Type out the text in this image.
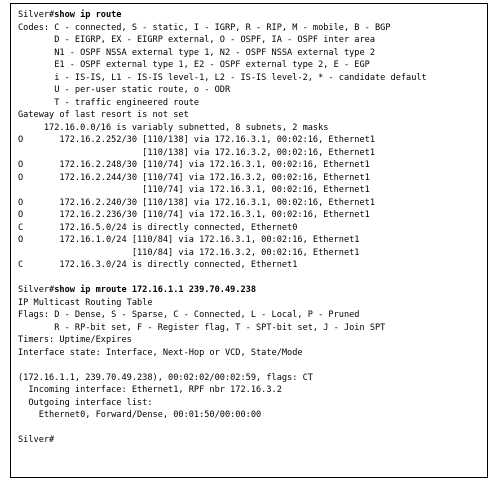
Silver#show ip route
Codes: C - connected, S - static, I - IGRP, R - RIP, M - mobile, B - BGP
D - EIGRP, EX - EIGRP external, O - OSPF, IA - OSPF inter area
N1 - OSPF NSSA external type 1, N2 - OSPF NSSA external type 2
E1 - OSPF external type 1, E2 - OSPF external type 2, E - EGP
i - IS-IS, L1 - IS-IS level-1, L2 - IS-IS level-2, * - candidate default
U - per-user static route, o - ODR
T - traffic engineered route
Gateway of last resort is not set
172.16.0.0/16 is variably subnetted, 8 subnets, 2 masks
O       172.16.2.252/30 [110/138] via 172.16.3.1, 00:02:16, Ethernet1
[110/138] via 172.16.3.2, 00:02:16, Ethernet1
O       172.16.2.248/30 [110/74] via 172.16.3.1, 00:02:16, Ethernet1
O       172.16.2.244/30 [110/74] via 172.16.3.2, 00:02:16, Ethernet1
[110/74] via 172.16.3.1, 00:02:16, Ethernet1
O       172.16.2.240/30 [110/138] via 172.16.3.1, 00:02:16, Ethernet1
O       172.16.2.236/30 [110/74] via 172.16.3.1, 00:02:16, Ethernet1
C       172.16.5.0/24 is directly connected, Ethernet0
O       172.16.1.0/24 [110/84] via 172.16.3.1, 00:02:16, Ethernet1
[110/84] via 172.16.3.2, 00:02:16, Ethernet1
C       172.16.3.0/24 is directly connected, Ethernet1
Silver#show ip mroute 172.16.1.1 239.70.49.238
IP Multicast Routing Table
Flags: D - Dense, S - Sparse, C - Connected, L - Local, P - Pruned
R - RP-bit set, F - Register flag, T - SPT-bit set, J - Join SPT
Timers: Uptime/Expires
Interface state: Interface, Next-Hop or VCD, State/Mode
(172.16.1.1, 239.70.49.238), 00:02:02/00:02:59, flags: CT
Incoming interface: Ethernet1, RPF nbr 172.16.3.2
Outgoing interface list:
Ethernet0, Forward/Dense, 00:01:50/00:00:00
Silver#
